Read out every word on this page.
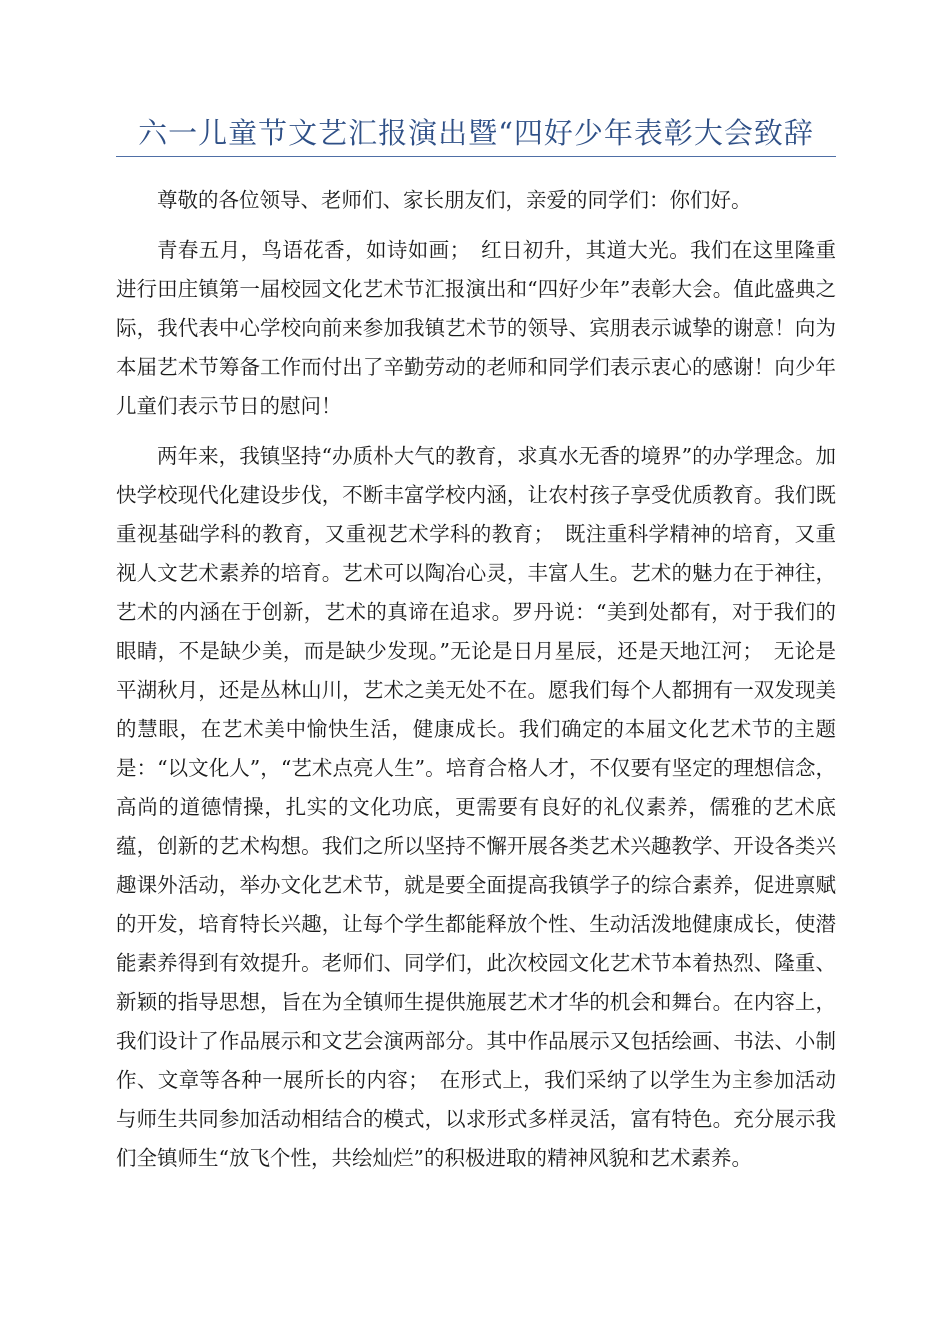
六一儿童节文艺汇报演出暨“四好少年表彰大会致辞

尊敬的各位领导、老师们、家长朋友们，亲爱的同学们：你们好。

青春五月，鸟语花香，如诗如画；　红日初升，其道大光。我们在这里隆重进行田庄镇第一届校园文化艺术节汇报演出和“四好少年”表彰大会。值此盛典之际，我代表中心学校向前来参加我镇艺术节的领导、宾朋表示诚挚的谢意！向为本届艺术节筹备工作而付出了辛勤劳动的老师和同学们表示衷心的感谢！向少年儿童们表示节日的慰问！

两年来，我镇坚持“办质朴大气的教育，求真水无香的境界”的办学理念。加快学校现代化建设步伐，不断丰富学校内涵，让农村孩子享受优质教育。我们既重视基础学科的教育，又重视艺术学科的教育；　既注重科学精神的培育，又重视人文艺术素养的培育。艺术可以陶冶心灵，丰富人生。艺术的魅力在于神往，艺术的内涵在于创新，艺术的真谛在追求。罗丹说：“美到处都有，对于我们的眼睛，不是缺少美，而是缺少发现。”无论是日月星辰，还是天地江河；　无论是平湖秋月，还是丛林山川，艺术之美无处不在。愿我们每个人都拥有一双发现美的慧眼，在艺术美中愉快生活，健康成长。我们确定的本届文化艺术节的主题是：“以文化人”，“艺术点亮人生”。培育合格人才，不仅要有坚定的理想信念，高尚的道德情操，扎实的文化功底，更需要有良好的礼仪素养，儒雅的艺术底蕴，创新的艺术构想。我们之所以坚持不懈开展各类艺术兴趣教学、开设各类兴趣课外活动，举办文化艺术节，就是要全面提高我镇学子的综合素养，促进禀赋的开发，培育特长兴趣，让每个学生都能释放个性、生动活泼地健康成长，使潜能素养得到有效提升。老师们、同学们，此次校园文化艺术节本着热烈、隆重、新颖的指导思想，旨在为全镇师生提供施展艺术才华的机会和舞台。在内容上，我们设计了作品展示和文艺会演两部分。其中作品展示又包括绘画、书法、小制作、文章等各种一展所长的内容；　在形式上，我们采纳了以学生为主参加活动与师生共同参加活动相结合的模式，以求形式多样灵活，富有特色。充分展示我们全镇师生“放飞个性，共绘灿烂”的积极进取的精神风貌和艺术素养。
